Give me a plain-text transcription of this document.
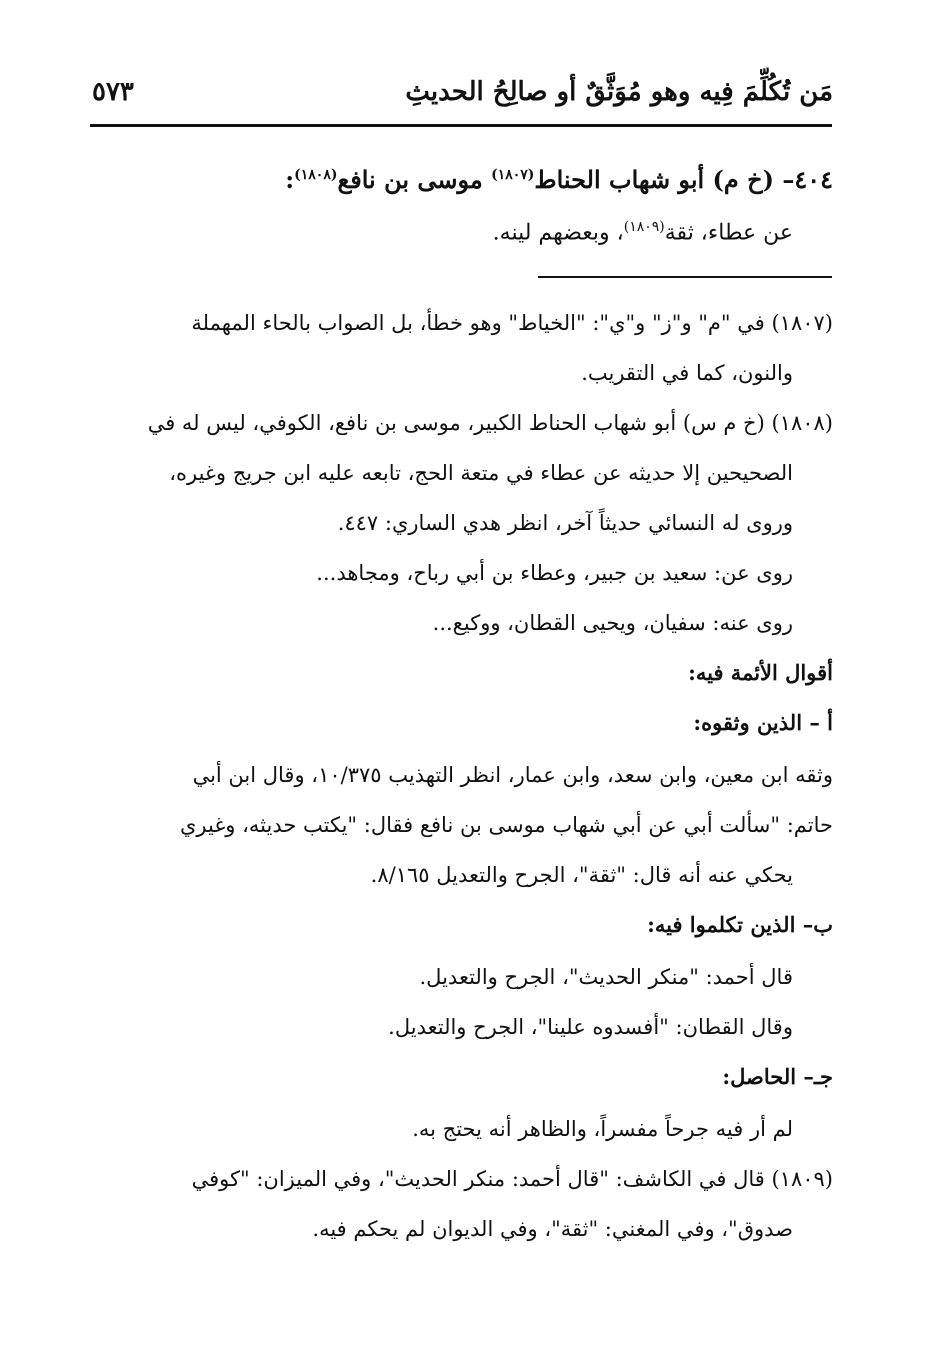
مَن تُكُلِّمَ فِيه وهو مُوَثَّقٌ أو صالِحُ الحديثِ
٥٧٣
٤٠٤– (خ م) أبو شهاب الحناط$^{(١٨٠٧)}$ موسى بن نافع$^{(١٨٠٨)}$:
عن عطاء، ثقة$^{(١٨٠٩)}$، وبعضهم لينه.
(١٨٠٧) في "م" و"ز" و"ي": "الخياط" وهو خطأ، بل الصواب بالحاء المهملة
والنون، كما في التقريب.
(١٨٠٨) (خ م س) أبو شهاب الحناط الكبير، موسى بن نافع، الكوفي، ليس له في
الصحيحين إلا حديثه عن عطاء في متعة الحج، تابعه عليه ابن جريج وغيره،
وروى له النسائي حديثاً آخر، انظر هدي الساري: ٤٤٧.
روى عن: سعيد بن جبير، وعطاء بن أبي رباح، ومجاهد...
روى عنه: سفيان، ويحيى القطان، ووكيع...
أقوال الأئمة فيه:
أ – الذين وثقوه:
وثقه ابن معين، وابن سعد، وابن عمار، انظر التهذيب ١٠/٣٧٥، وقال ابن أبي
حاتم: "سألت أبي عن أبي شهاب موسى بن نافع فقال: "يكتب حديثه، وغيري
يحكي عنه أنه قال: "ثقة"، الجرح والتعديل ٨/١٦٥.
ب– الذين تكلموا فيه:
قال أحمد: "منكر الحديث"، الجرح والتعديل.
وقال القطان: "أفسدوه علينا"، الجرح والتعديل.
جـ– الحاصل:
لم أر فيه جرحاً مفسراً، والظاهر أنه يحتج به.
(١٨٠٩) قال في الكاشف: "قال أحمد: منكر الحديث"، وفي الميزان: "كوفي
صدوق"، وفي المغني: "ثقة"، وفي الديوان لم يحكم فيه.
